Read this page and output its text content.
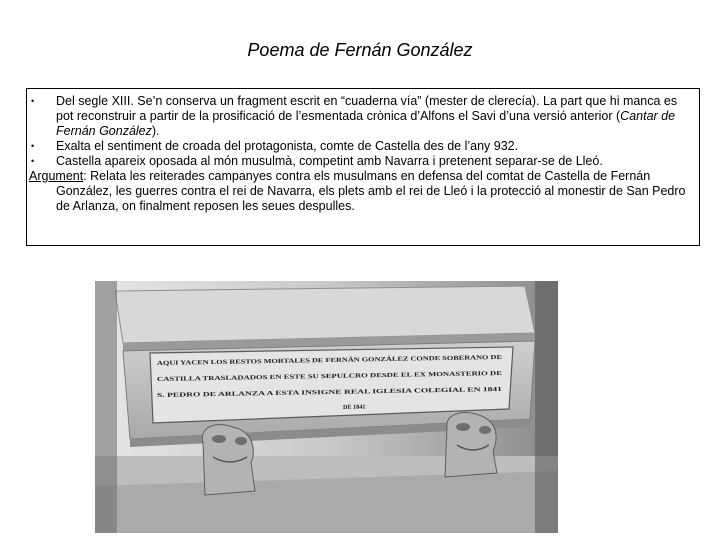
Poema de Fernán González

• Del segle XIII. Se’n conserva un fragment escrit en “cuaderna vía” (mester de clerecía). La part que hi manca es pot reconstruir a partir de la prosificació de l’esmentada crònica d’Alfons el Savi d’una versió anterior (Cantar de Fernán González).

• Exalta el sentiment de croada del protagonista, comte de Castella des de l’any 932.

• Castella apareix oposada al món musulmà, competint amb Navarra i pretenent separar-se de Lleó.

Argument: Relata les reiterades campanyes contra els musulmans en defensa del comtat de Castella de Fernán González, les guerres contra el rei de Navarra, els plets amb el rei de Lleó i la protecció al monestir de San Pedro de Arlanza, on finalment reposen les seues despulles.

AQUI YACEN LOS RESTOS MORTALES DE FERNÁN GONZÁLEZ CONDE SOBERANO DE
CASTILLA TRASLADADOS EN ESTE SU SEPULCRO DESDE EL EX MONASTERIO DE
S. PEDRO DE ARLANZA A ESTA INSIGNE REAL IGLESIA COLEGIAL EN 1841
DE 1841
